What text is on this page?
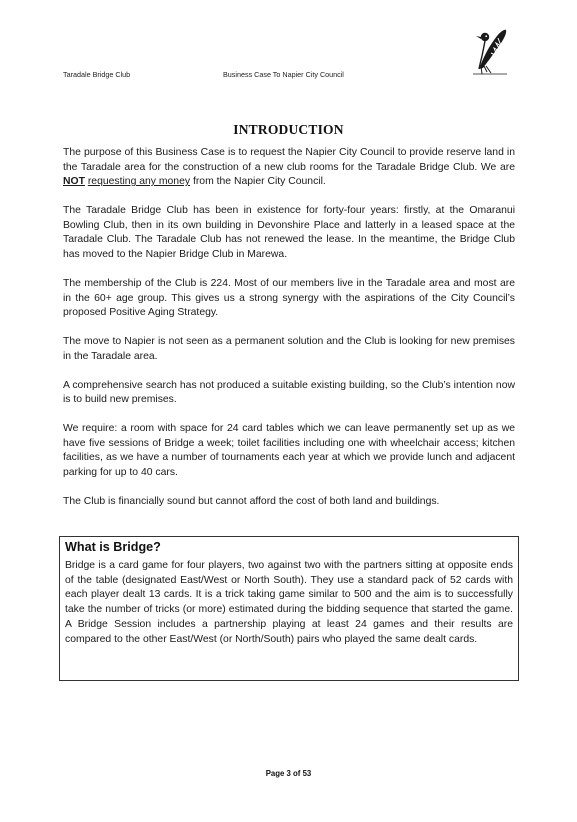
Taradale Bridge Club	Business Case To Napier City Council
INTRODUCTION

The purpose of this Business Case is to request the Napier City Council to provide reserve land in the Taradale area for the construction of a new club rooms for the Taradale Bridge Club. We are NOT requesting any money from the Napier City Council.

The Taradale Bridge Club has been in existence for forty-four years: firstly, at the Omaranui Bowling Club, then in its own building in Devonshire Place and latterly in a leased space at the Taradale Club. The Taradale Club has not renewed the lease. In the meantime, the Bridge Club has moved to the Napier Bridge Club in Marewa.

The membership of the Club is 224. Most of our members live in the Taradale area and most are in the 60+ age group. This gives us a strong synergy with the aspirations of the City Council’s proposed Positive Aging Strategy.

The move to Napier is not seen as a permanent solution and the Club is looking for new premises in the Taradale area.

A comprehensive search has not produced a suitable existing building, so the Club’s intention now is to build new premises.

We require: a room with space for 24 card tables which we can leave permanently set up as we have five sessions of Bridge a week; toilet facilities including one with wheelchair access; kitchen facilities, as we have a number of tournaments each year at which we provide lunch and adjacent parking for up to 40 cars.

The Club is financially sound but cannot afford the cost of both land and buildings.

What is Bridge?

Bridge is a card game for four players, two against two with the partners sitting at opposite ends of the table (designated East/West or North South). They use a standard pack of 52 cards with each player dealt 13 cards. It is a trick taking game similar to 500 and the aim is to successfully take the number of tricks (or more) estimated during the bidding sequence that started the game. A Bridge Session includes a partnership playing at least 24 games and their results are compared to the other East/West (or North/South) pairs who played the same dealt cards.

Page 3 of 53
